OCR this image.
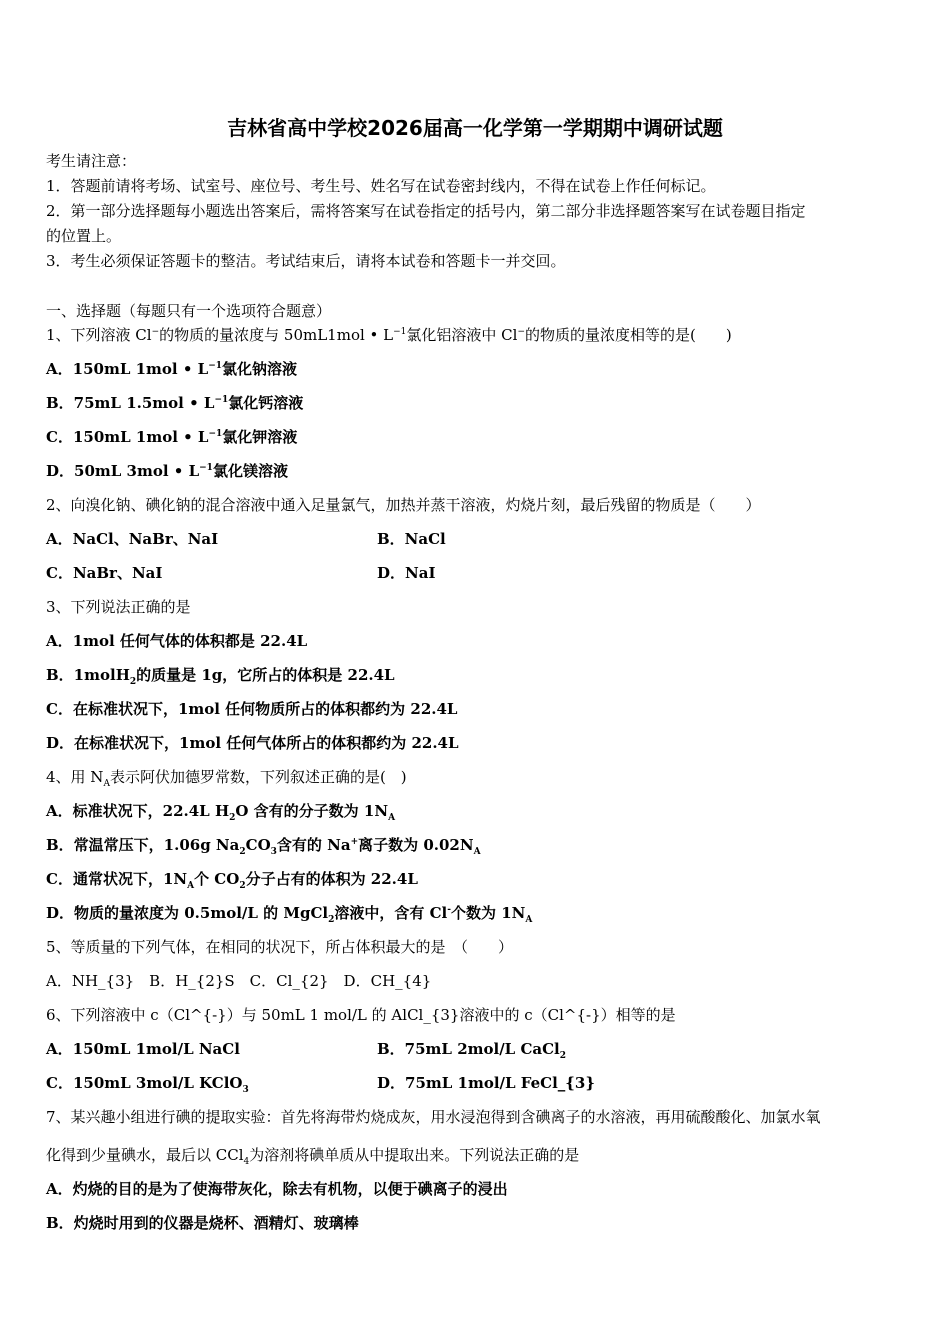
吉林省高中学校2026届高一化学第一学期期中调研试题
考生请注意：
1．答题前请将考场、试室号、座位号、考生号、姓名写在试卷密封线内，不得在试卷上作任何标记。
2．第一部分选择题每小题选出答案后，需将答案写在试卷指定的括号内，第二部分非选择题答案写在试卷题目指定
的位置上。
3．考生必须保证答题卡的整洁。考试结束后，请将本试卷和答题卡一并交回。
一、选择题（每题只有一个选项符合题意）
1、下列溶液 Cl−的物质的量浓度与 50mL1mol • $L^{-1}$氯化铝溶液中 Cl−的物质的量浓度相等的是(　　)
A．150mL 1mol • $L^{-1}$氯化钠溶液
B．75mL 1.5mol • $L^{-1}$氯化钙溶液
C．150mL 1mol • $L^{-1}$氯化钾溶液
D．50mL 3mol • $L^{-1}$氯化镁溶液
2、向溴化钠、碘化钠的混合溶液中通入足量氯气，加热并蒸干溶液，灼烧片刻，最后残留的物质是（　　）
A．NaCl、NaBr、NaI	B．NaCl
C．NaBr、NaI	D．NaI
3、下列说法正确的是
A．1mol 任何气体的体积都是 22.4L
B．1molH$_2$的质量是 1g，它所占的体积是 22.4L
C．在标准状况下，1mol 任何物质所占的体积都约为 22.4L
D．在标准状况下，1mol 任何气体所占的体积都约为 22.4L
4、用 $N_A$表示阿伏加德罗常数，下列叙述正确的是(　)
A．标准状况下，22.4L $H_2O$ 含有的分子数为 $1N_A$
B．常温常压下，1.06g $Na_2CO_3$含有的 Na+离子数为 $0.02N_A$
C．通常状况下，$1N_A$个 $CO_2$分子占有的体积为 22.4L
D．物质的量浓度为 0.5mol/L 的 MgCl$_2$溶液中，含有 Cl-个数为 $1N_A$
5、等质量的下列气体，在相同的状况下，所占体积最大的是　（　　）
A．NH_{3}　B．H_{2}S　C．Cl_{2}　D．CH_{4}
6、下列溶液中 c（Cl^{-}）与 50mL 1 mol/L 的 AlCl_{3}溶液中的 c（Cl^{-}）相等的是
A．150mL 1mol/L NaCl	B．75mL 2mol/L CaCl$_2$
C．150mL 3mol/L KClO$_3$	D．75mL 1mol/L FeCl_{3}
7、某兴趣小组进行碘的提取实验：首先将海带灼烧成灰，用水浸泡得到含碘离子的水溶液，再用硫酸酸化、加氯水氧
化得到少量碘水，最后以 CCl$_4$为溶剂将碘单质从中提取出来。下列说法正确的是
A．灼烧的目的是为了使海带灰化，除去有机物，以便于碘离子的浸出
B．灼烧时用到的仪器是烧杯、酒精灯、玻璃棒
